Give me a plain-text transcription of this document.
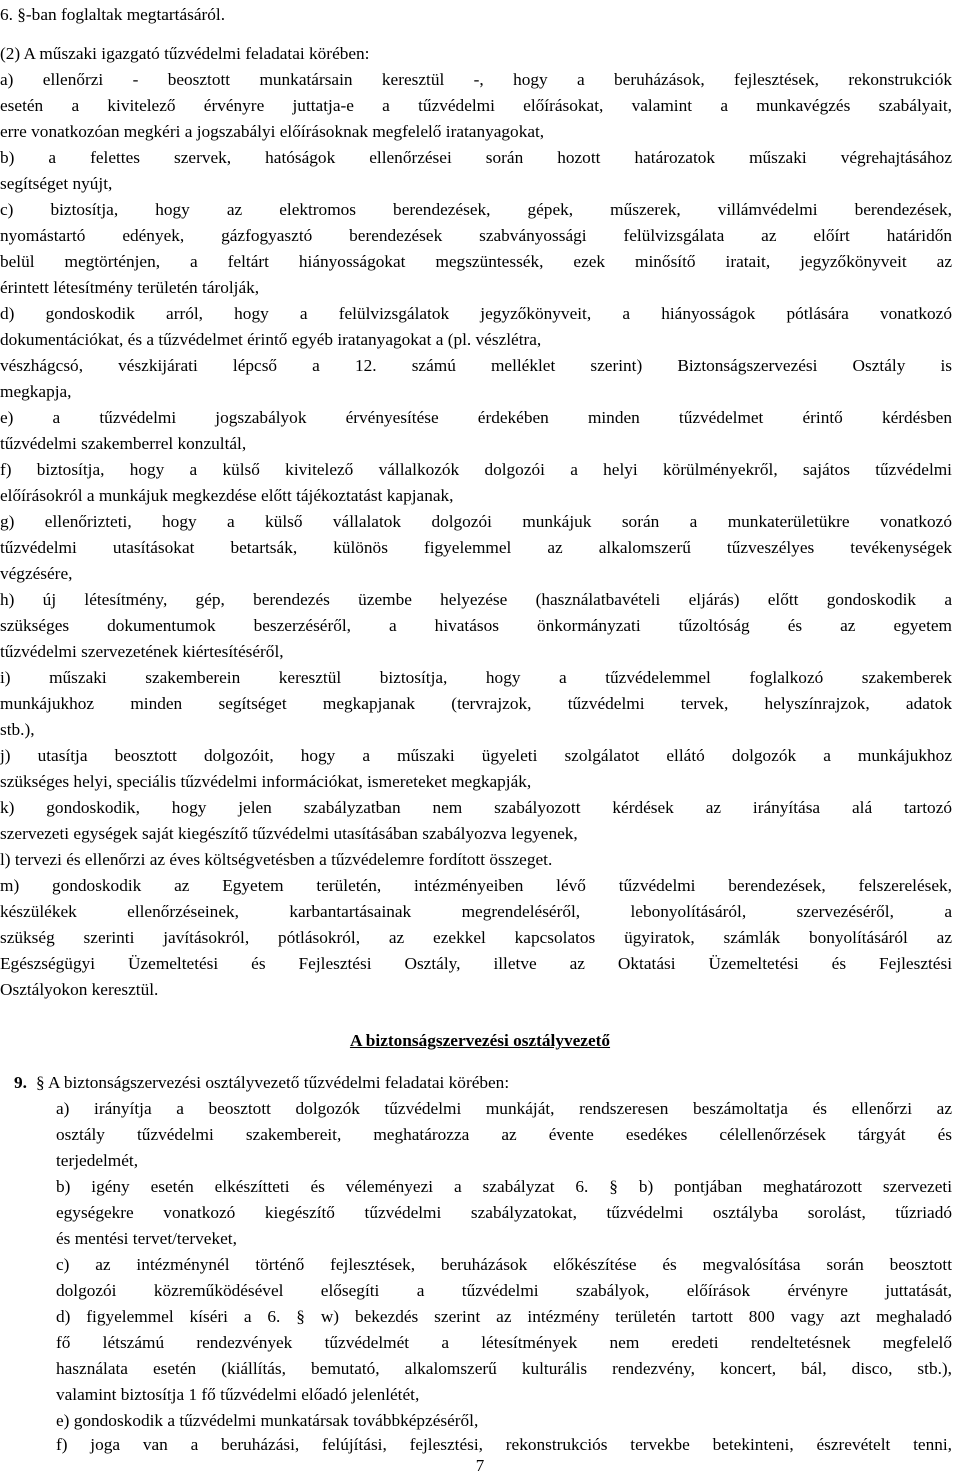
6. §-ban foglaltak megtartásáról.
(2) A műszaki igazgató tűzvédelmi feladatai körében:
a) ellenőrzi - beosztott munkatársain keresztül -, hogy a beruházások, fejlesztések, rekonstrukciók
esetén a kivitelező érvényre juttatja-e a tűzvédelmi előírásokat, valamint a munkavégzés szabályait,
erre vonatkozóan megkéri a jogszabályi előírásoknak megfelelő iratanyagokat,
b) a felettes szervek, hatóságok ellenőrzései során hozott határozatok műszaki végrehajtásához
segítséget nyújt,
c) biztosítja, hogy az elektromos berendezések, gépek, műszerek, villámvédelmi berendezések,
nyomástartó edények, gázfogyasztó berendezések szabványossági felülvizsgálata az előírt határidőn
belül megtörténjen, a feltárt hiányosságokat megszüntessék, ezek minősítő iratait, jegyzőkönyveit az
érintett létesítmény területén tárolják,
d) gondoskodik arról, hogy a felülvizsgálatok jegyzőkönyveit, a hiányosságok pótlására vonatkozó
dokumentációkat, és a tűzvédelmet érintő egyéb iratanyagokat a (pl. vészlétra,
vészhágcsó, vészkijárati lépcső a 12. számú melléklet szerint) Biztonságszervezési Osztály is
megkapja,
e) a tűzvédelmi jogszabályok érvényesítése érdekében minden tűzvédelmet érintő kérdésben
tűzvédelmi szakemberrel konzultál,
f) biztosítja, hogy a külső kivitelező vállalkozók dolgozói a helyi körülményekről, sajátos tűzvédelmi
előírásokról a munkájuk megkezdése előtt tájékoztatást kapjanak,
g) ellenőrizteti, hogy a külső vállalatok dolgozói munkájuk során a munkaterületükre vonatkozó
tűzvédelmi utasításokat betartsák, különös figyelemmel az alkalomszerű tűzveszélyes tevékenységek
végzésére,
h) új létesítmény, gép, berendezés üzembe helyezése (használatbavételi eljárás) előtt gondoskodik a
szükséges dokumentumok beszerzéséről, a hivatásos önkormányzati tűzoltóság és az egyetem
tűzvédelmi szervezetének kiértesítéséről,
i) műszaki szakemberein keresztül biztosítja, hogy a tűzvédelemmel foglalkozó szakemberek
munkájukhoz minden segítséget megkapjanak (tervrajzok, tűzvédelmi tervek, helyszínrajzok, adatok
stb.),
j) utasítja beosztott dolgozóit, hogy a műszaki ügyeleti szolgálatot ellátó dolgozók a munkájukhoz
szükséges helyi, speciális tűzvédelmi információkat, ismereteket megkapják,
k) gondoskodik, hogy jelen szabályzatban nem szabályozott kérdések az irányítása alá tartozó
szervezeti egységek saját kiegészítő tűzvédelmi utasításában szabályozva legyenek,
l) tervezi és ellenőrzi az éves költségvetésben a tűzvédelemre fordított összeget.
m) gondoskodik az Egyetem területén, intézményeiben lévő tűzvédelmi berendezések, felszerelések,
készülékek ellenőrzéseinek, karbantartásainak megrendeléséről, lebonyolításáról, szervezéséről, a
szükség szerinti javításokról, pótlásokról, az ezekkel kapcsolatos ügyiratok, számlák bonyolításáról az
Egészségügyi Üzemeltetési és Fejlesztési Osztály, illetve az Oktatási Üzemeltetési és Fejlesztési
Osztályokon keresztül.
A biztonságszervezési osztályvezető
9. § A biztonságszervezési osztályvezető tűzvédelmi feladatai körében:
a) irányítja a beosztott dolgozók tűzvédelmi munkáját, rendszeresen beszámoltatja és ellenőrzi az
osztály tűzvédelmi szakembereit, meghatározza az évente esedékes célellenőrzések tárgyát és
terjedelmét,
b) igény esetén elkészítteti és véleményezi a szabályzat 6. § b) pontjában meghatározott szervezeti
egységekre vonatkozó kiegészítő tűzvédelmi szabályzatokat, tűzvédelmi osztályba sorolást, tűzriadó
és mentési tervet/terveket,
c) az intézménynél történő fejlesztések, beruházások előkészítése és megvalósítása során beosztott
dolgozói közreműködésével elősegíti a tűzvédelmi szabályok, előírások érvényre juttatását,
d) figyelemmel kíséri a 6. § w) bekezdés szerint az intézmény területén tartott 800 vagy azt meghaladó
fő létszámú rendezvények tűzvédelmét a létesítmények nem eredeti rendeltetésnek megfelelő
használata esetén (kiállítás, bemutató, alkalomszerű kulturális rendezvény, koncert, bál, disco, stb.),
valamint biztosítja 1 fő tűzvédelmi előadó jelenlétét,
e) gondoskodik a tűzvédelmi munkatársak továbbképzéséről,
f) joga van a beruházási, felújítási, fejlesztési, rekonstrukciós tervekbe betekinteni, észrevételt tenni,
7
